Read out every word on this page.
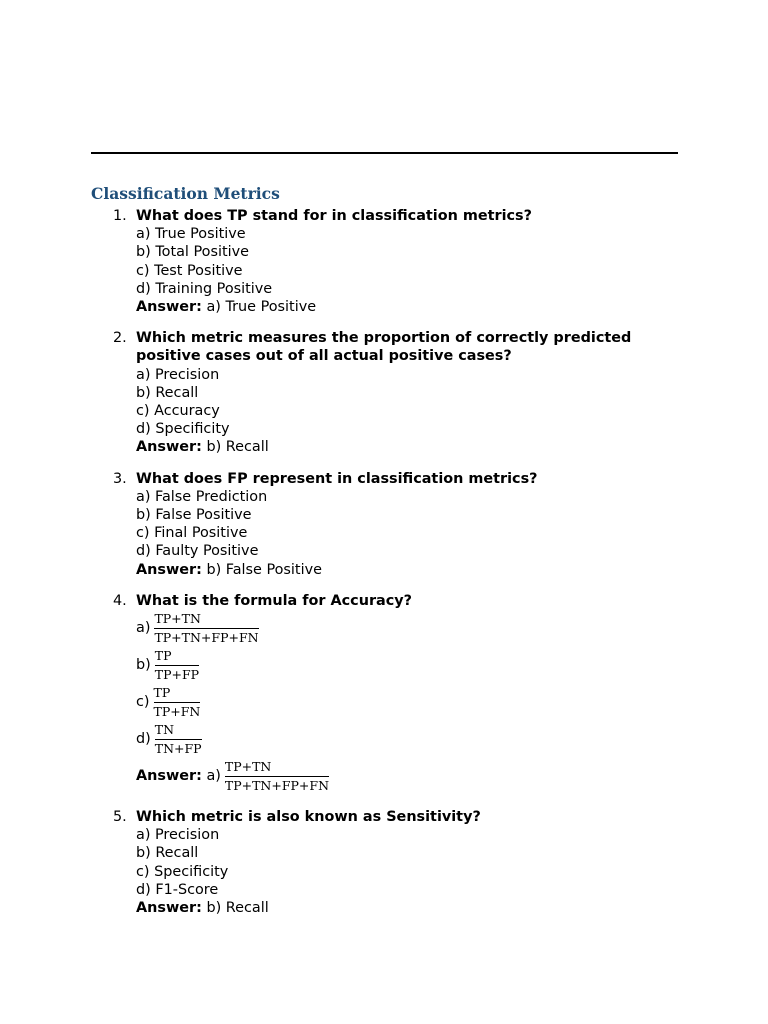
Classification Metrics
1. What does TP stand for in classification metrics?
a) True Positive
b) Total Positive
c) Test Positive
d) Training Positive
Answer: a) True Positive
2. Which metric measures the proportion of correctly predicted positive cases out of all actual positive cases?
a) Precision
b) Recall
c) Accuracy
d) Specificity
Answer: b) Recall
3. What does FP represent in classification metrics?
a) False Prediction
b) False Positive
c) Final Positive
d) Faulty Positive
Answer: b) False Positive
4. What is the formula for Accuracy?
$a) \frac{TP+TN}{TP+TN+FP+FN}$
$b) \frac{TP}{TP+FP}$
$c) \frac{TP}{TP+FN}$
$d) \frac{TN}{TN+FP}$
Answer:
$a) \frac{TP+TN}{TP+TN+FP+FN}$
5. Which metric is also known as Sensitivity?
a) Precision
b) Recall
c) Specificity
d) F1-Score
Answer: b) Recall
